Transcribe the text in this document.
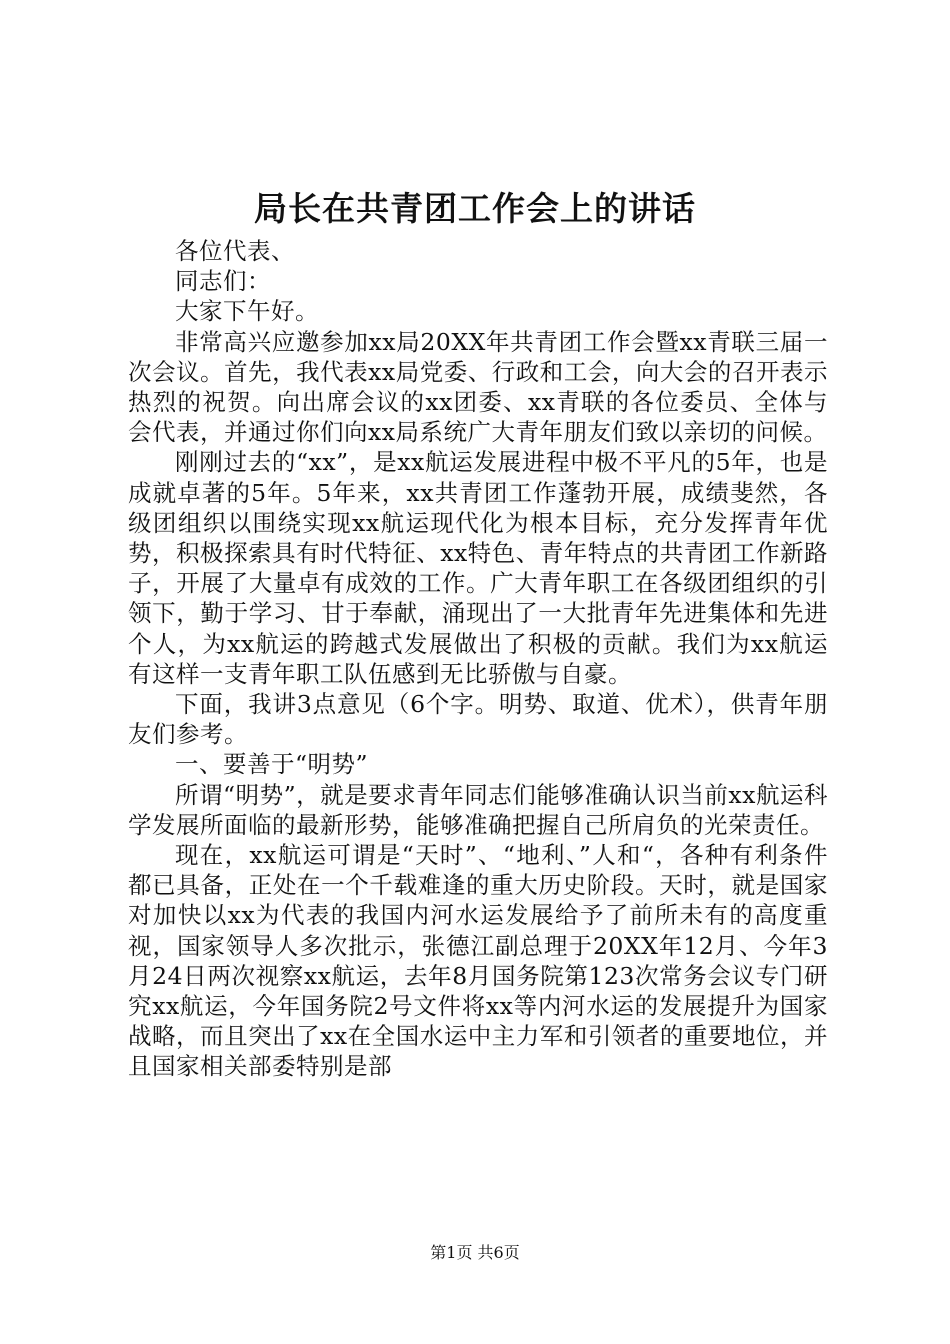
局长在共青团工作会上的讲话

各位代表、

同志们：

大家下午好。

非常高兴应邀参加xx局20XX年共青团工作会暨xx青联三届一次会议。首先，我代表xx局党委、行政和工会，向大会的召开表示热烈的祝贺。向出席会议的xx团委、xx青联的各位委员、全体与会代表，并通过你们向xx局系统广大青年朋友们致以亲切的问候。

刚刚过去的“xx”，是xx航运发展进程中极不平凡的5年，也是成就卓著的5年。5年来，xx共青团工作蓬勃开展，成绩斐然，各级团组织以围绕实现xx航运现代化为根本目标，充分发挥青年优势，积极探索具有时代特征、xx特色、青年特点的共青团工作新路子，开展了大量卓有成效的工作。广大青年职工在各级团组织的引领下，勤于学习、甘于奉献，涌现出了一大批青年先进集体和先进个人，为xx航运的跨越式发展做出了积极的贡献。我们为xx航运有这样一支青年职工队伍感到无比骄傲与自豪。

下面，我讲3点意见（6个字。明势、取道、优术），供青年朋友们参考。

一、要善于“明势”

所谓“明势”，就是要求青年同志们能够准确认识当前xx航运科学发展所面临的最新形势，能够准确把握自己所肩负的光荣责任。

现在，xx航运可谓是“天时”、“地利、”人和“，各种有利条件都已具备，正处在一个千载难逢的重大历史阶段。天时，就是国家对加快以xx为代表的我国内河水运发展给予了前所未有的高度重视，国家领导人多次批示，张德江副总理于20XX年12月、今年3月24日两次视察xx航运，去年8月国务院第123次常务会议专门研究xx航运，今年国务院2号文件将xx等内河水运的发展提升为国家战略，而且突出了xx在全国水运中主力军和引领者的重要地位，并且国家相关部委特别是部

第1页 共6页
